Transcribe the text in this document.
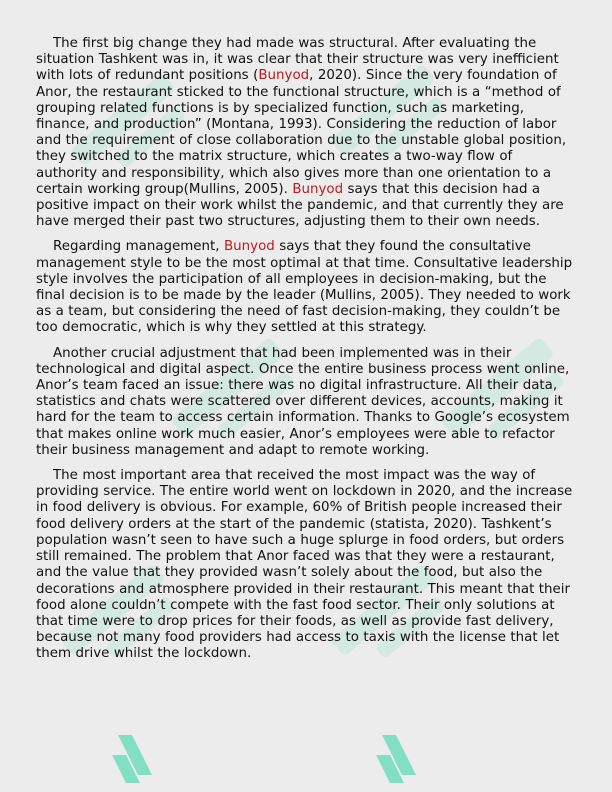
The first big change they had made was structural. After evaluating the situation Tashkent was in, it was clear that their structure was very inefficient with lots of redundant positions (Bunyod, 2020). Since the very foundation of Anor, the restaurant sticked to the functional structure, which is a “method of grouping related functions is by specialized function, such as marketing, finance, and production” (Montana, 1993). Considering the reduction of labor and the requirement of close collaboration due to the unstable global position, they switched to the matrix structure, which creates a two-way flow of authority and responsibility, which also gives more than one orientation to a certain working group(Mullins, 2005). Bunyod says that this decision had a positive impact on their work whilst the pandemic, and that currently they are have merged their past two structures, adjusting them to their own needs.

Regarding management, Bunyod says that they found the consultative management style to be the most optimal at that time. Consultative leadership style involves the participation of all employees in decision-making, but the final decision is to be made by the leader (Mullins, 2005). They needed to work as a team, but considering the need of fast decision-making, they couldn’t be too democratic, which is why they settled at this strategy.

Another crucial adjustment that had been implemented was in their technological and digital aspect. Once the entire business process went online, Anor’s team faced an issue: there was no digital infrastructure. All their data, statistics and chats were scattered over different devices, accounts, making it hard for the team to access certain information. Thanks to Google’s ecosystem that makes online work much easier, Anor’s employees were able to refactor their business management and adapt to remote working.

The most important area that received the most impact was the way of providing service. The entire world went on lockdown in 2020, and the increase in food delivery is obvious. For example, 60% of British people increased their food delivery orders at the start of the pandemic (statista, 2020). Tashkent’s population wasn’t seen to have such a huge splurge in food orders, but orders still remained. The problem that Anor faced was that they were a restaurant, and the value that they provided wasn’t solely about the food, but also the decorations and atmosphere provided in their restaurant. This meant that their food alone couldn’t compete with the fast food sector. Their only solutions at that time were to drop prices for their foods, as well as provide fast delivery, because not many food providers had access to taxis with the license that let them drive whilst the lockdown.
